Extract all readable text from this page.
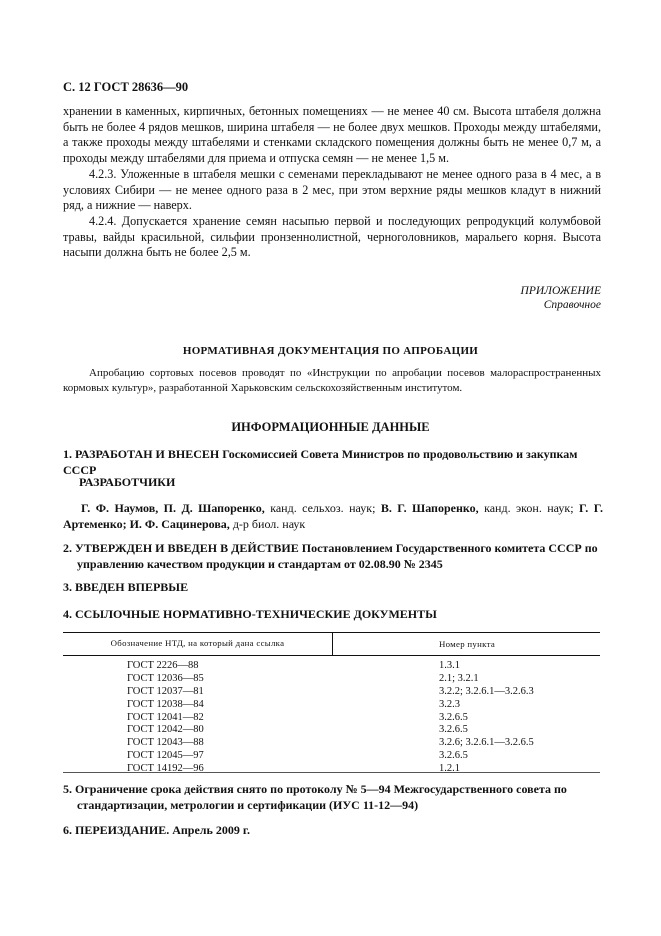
С. 12 ГОСТ 28636—90

хранении в каменных, кирпичных, бетонных помещениях — не менее 40 см. Высота штабеля должна быть не более 4 рядов мешков, ширина штабеля — не более двух мешков. Проходы между штабелями, а также проходы между штабелями и стенками складского помещения должны быть не менее 0,7 м, а проходы между штабелями для приема и отпуска семян — не менее 1,5 м.

4.2.3. Уложенные в штабеля мешки с семенами перекладывают не менее одного раза в 4 мес, а в условиях Сибири — не менее одного раза в 2 мес, при этом верхние ряды мешков кладут в нижний ряд, а нижние — наверх.

4.2.4. Допускается хранение семян насыпью первой и последующих репродукций колумбовой травы, вайды красильной, сильфии пронзеннолистной, черноголовников, маральего корня. Высота насыпи должна быть не более 2,5 м.

ПРИЛОЖЕНИЕ
Справочное
НОРМАТИВНАЯ ДОКУМЕНТАЦИЯ ПО АПРОБАЦИИ
Апробацию сортовых посевов проводят по «Инструкции по апробации посевов малораспространенных кормовых культур», разработанной Харьковским сельскохозяйственным институтом.
ИНФОРМАЦИОННЫЕ ДАННЫЕ
1. РАЗРАБОТАН И ВНЕСЕН Госкомиссией Совета Министров по продовольствию и закупкам СССР
РАЗРАБОТЧИКИ
Г. Ф. Наумов, П. Д. Шапоренко, канд. сельхоз. наук; В. Г. Шапоренко, канд. экон. наук; Г. Г. Артеменко; И. Ф. Сацинерова, д-р биол. наук
2. УТВЕРЖДЕН И ВВЕДЕН В ДЕЙСТВИЕ Постановлением Государственного комитета СССР по управлению качеством продукции и стандартам от 02.08.90 № 2345
3. ВВЕДЕН ВПЕРВЫЕ
4. ССЫЛОЧНЫЕ НОРМАТИВНО-ТЕХНИЧЕСКИЕ ДОКУМЕНТЫ
Обозначение НТД, на который дана ссылка	Номер пункта
ГОСТ 2226—88	1.3.1
ГОСТ 12036—85	2.1; 3.2.1
ГОСТ 12037—81	3.2.2; 3.2.6.1—3.2.6.3
ГОСТ 12038—84	3.2.3
ГОСТ 12041—82	3.2.6.5
ГОСТ 12042—80	3.2.6.5
ГОСТ 12043—88	3.2.6; 3.2.6.1—3.2.6.5
ГОСТ 12045—97	3.2.6.5
ГОСТ 14192—96	1.2.1
5. Ограничение срока действия снято по протоколу № 5—94 Межгосударственного совета по стандартизации, метрологии и сертификации (ИУС 11-12—94)
6. ПЕРЕИЗДАНИЕ. Апрель 2009 г.
